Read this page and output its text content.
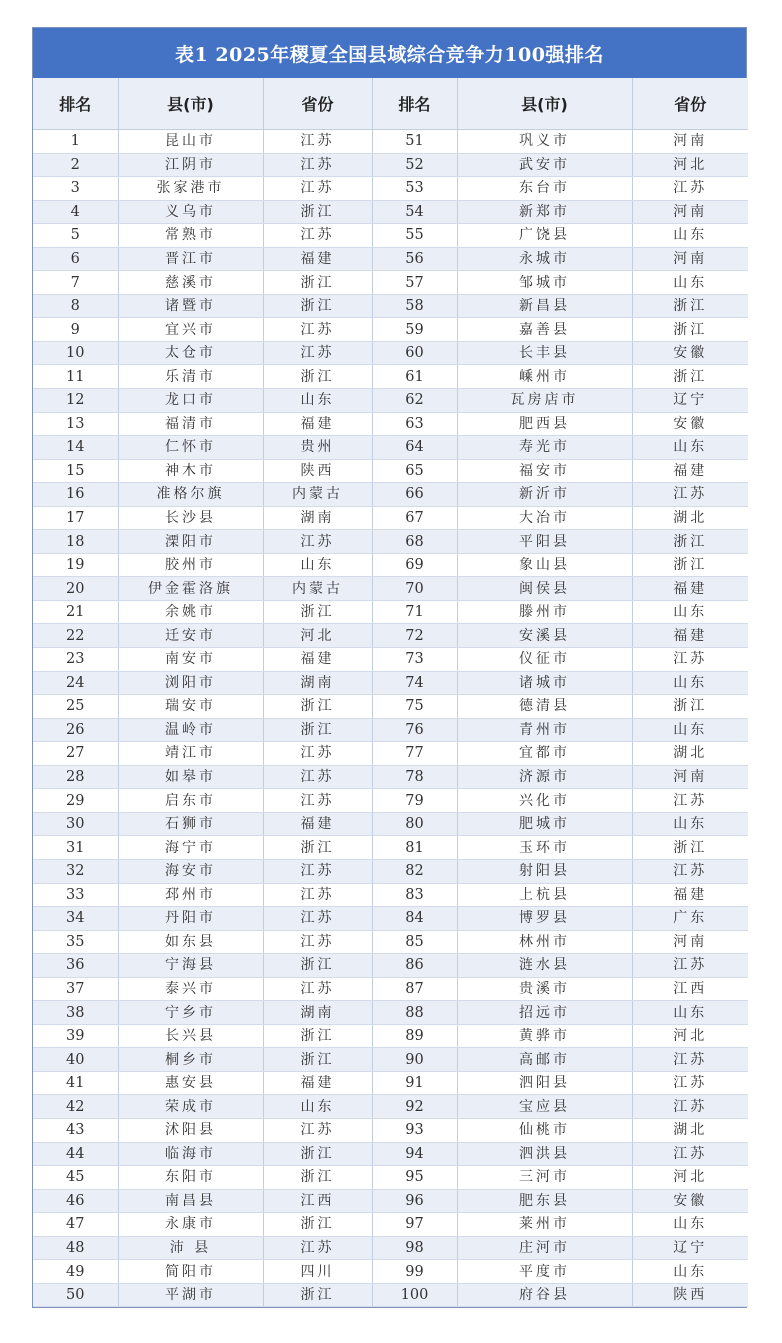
表1 2025年稷夏全国县域综合竞争力100强排名
排名	县(市)	省份	排名	县(市)	省份
1	昆山市	江苏	51	巩义市	河南
2	江阴市	江苏	52	武安市	河北
3	张家港市	江苏	53	东台市	江苏
4	义乌市	浙江	54	新郑市	河南
5	常熟市	江苏	55	广饶县	山东
6	晋江市	福建	56	永城市	河南
7	慈溪市	浙江	57	邹城市	山东
8	诸暨市	浙江	58	新昌县	浙江
9	宜兴市	江苏	59	嘉善县	浙江
10	太仓市	江苏	60	长丰县	安徽
11	乐清市	浙江	61	嵊州市	浙江
12	龙口市	山东	62	瓦房店市	辽宁
13	福清市	福建	63	肥西县	安徽
14	仁怀市	贵州	64	寿光市	山东
15	神木市	陕西	65	福安市	福建
16	准格尔旗	内蒙古	66	新沂市	江苏
17	长沙县	湖南	67	大冶市	湖北
18	溧阳市	江苏	68	平阳县	浙江
19	胶州市	山东	69	象山县	浙江
20	伊金霍洛旗	内蒙古	70	闽侯县	福建
21	余姚市	浙江	71	滕州市	山东
22	迁安市	河北	72	安溪县	福建
23	南安市	福建	73	仪征市	江苏
24	浏阳市	湖南	74	诸城市	山东
25	瑞安市	浙江	75	德清县	浙江
26	温岭市	浙江	76	青州市	山东
27	靖江市	江苏	77	宜都市	湖北
28	如皋市	江苏	78	济源市	河南
29	启东市	江苏	79	兴化市	江苏
30	石狮市	福建	80	肥城市	山东
31	海宁市	浙江	81	玉环市	浙江
32	海安市	江苏	82	射阳县	江苏
33	邳州市	江苏	83	上杭县	福建
34	丹阳市	江苏	84	博罗县	广东
35	如东县	江苏	85	林州市	河南
36	宁海县	浙江	86	涟水县	江苏
37	泰兴市	江苏	87	贵溪市	江西
38	宁乡市	湖南	88	招远市	山东
39	长兴县	浙江	89	黄骅市	河北
40	桐乡市	浙江	90	高邮市	江苏
41	惠安县	福建	91	泗阳县	江苏
42	荣成市	山东	92	宝应县	江苏
43	沭阳县	江苏	93	仙桃市	湖北
44	临海市	浙江	94	泗洪县	江苏
45	东阳市	浙江	95	三河市	河北
46	南昌县	江西	96	肥东县	安徽
47	永康市	浙江	97	莱州市	山东
48	沛 县	江苏	98	庄河市	辽宁
49	简阳市	四川	99	平度市	山东
50	平湖市	浙江	100	府谷县	陕西
